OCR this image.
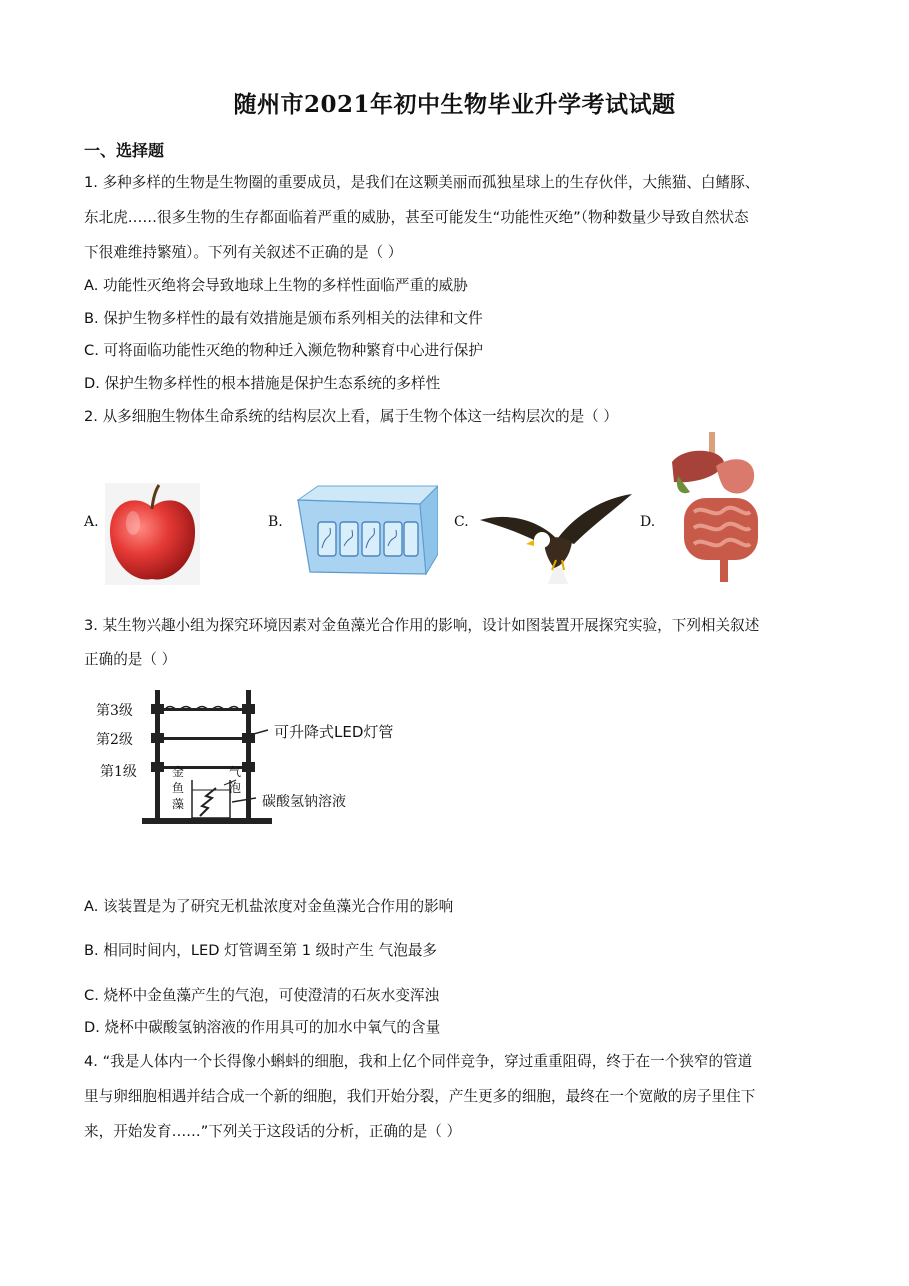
随州市2021年初中生物毕业升学考试试题
一、选择题
1. 多种多样的生物是生物圈的重要成员，是我们在这颗美丽而孤独星球上的生存伙伴，大熊猫、白鳍豚、
东北虎……很多生物的生存都面临着严重的威胁，甚至可能发生“功能性灭绝”（物种数量少导致自然状态
下很难维持繁殖）。下列有关叙述不正确的是（ ）
A. 功能性灭绝将会导致地球上生物的多样性面临严重的威胁
B. 保护生物多样性的最有效措施是颁布系列相关的法律和文件
C. 可将面临功能性灭绝的物种迁入濒危物种繁育中心进行保护
D. 保护生物多样性的根本措施是保护生态系统的多样性
2. 从多细胞生物体生命系统的结构层次上看，属于生物个体这一结构层次的是（ ）
A.	B.	C.	D.
3. 某生物兴趣小组为探究环境因素对金鱼藻光合作用的影响，设计如图装置开展探究实验，下列相关叙述
正确的是（ ）
第3级
第2级
第1级
可升降式LED灯管
金
鱼
藻
气
泡
碳酸氢钠溶液
A. 该装置是为了研究无机盐浓度对金鱼藻光合作用的影响
B. 相同时间内，LED 灯管调至第 1 级时产生 气泡最多
C. 烧杯中金鱼藻产生的气泡，可使澄清的石灰水变浑浊
D. 烧杯中碳酸氢钠溶液的作用具可的加水中氧气的含量
4. “我是人体内一个长得像小蝌蚪的细胞，我和上亿个同伴竞争，穿过重重阻碍，终于在一个狭窄的管道
里与卵细胞相遇并结合成一个新的细胞，我们开始分裂，产生更多的细胞，最终在一个宽敞的房子里住下
来，开始发育……”下列关于这段话的分析，正确的是（ ）
